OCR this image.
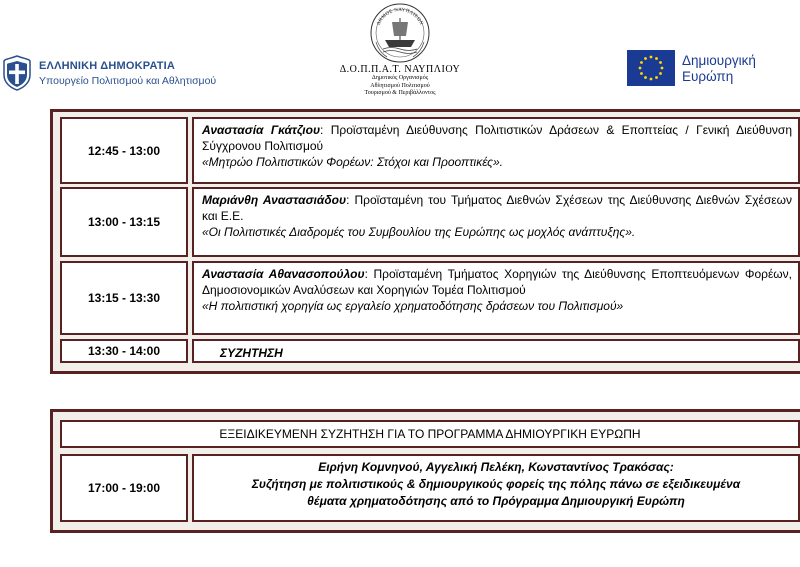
ΕΛΛΗΝΙΚΗ ΔΗΜΟΚΡΑΤΙΑ
Υπουργείο Πολιτισμού και Αθλητισμού
ΔΗΜΟΣ ΝΑΥΠΛΙΕΩΝ
Δ.Ο.Π.Π.Α.Τ. ΝΑΥΠΛΙΟΥ
Δημοτικός Οργανισμός
Αθλητισμού Πολιτισμού
Τουρισμού & Περιβάλλοντος
Δημιουργική
Ευρώπη
12:45 - 13:00
Αναστασία Γκάτζιου: Προϊσταμένη Διεύθυνσης Πολιτιστικών Δράσεων & Εποπτείας / Γενική Διεύθυνση Σύγχρονου Πολιτισμού
«Μητρώο Πολιτιστικών Φορέων: Στόχοι και Προοπτικές».
13:00 - 13:15
Μαριάνθη Αναστασιάδου: Προϊσταμένη του Τμήματος Διεθνών Σχέσεων της Διεύθυνσης Διεθνών Σχέσεων και Ε.Ε.
«Οι Πολιτιστικές Διαδρομές του Συμβουλίου της Ευρώπης ως μοχλός ανάπτυξης».
13:15 - 13:30
Αναστασία Αθανασοπούλου: Προϊσταμένη Τμήματος Χορηγιών της Διεύθυνσης Εποπτευόμενων Φορέων, Δημοσιονομικών Αναλύσεων και Χορηγιών Τομέα Πολιτισμού
«Η πολιτιστική χορηγία ως εργαλείο χρηματοδότησης δράσεων του Πολιτισμού»
13:30 - 14:00	ΣΥΖΗΤΗΣΗ
ΕΞΕΙΔΙΚΕΥΜΕΝΗ ΣΥΖΗΤΗΣΗ ΓΙΑ ΤΟ ΠΡΟΓΡΑΜΜΑ ΔΗΜΙΟΥΡΓΙΚΗ ΕΥΡΩΠΗ
17:00 - 19:00
Ειρήνη Κομνηνού, Αγγελική Πελέκη, Κωνσταντίνος Τρακόσας:
Συζήτηση με πολιτιστικούς & δημιουργικούς φορείς της πόλης πάνω σε εξειδικευμένα
θέματα χρηματοδότησης από το Πρόγραμμα Δημιουργική Ευρώπη
